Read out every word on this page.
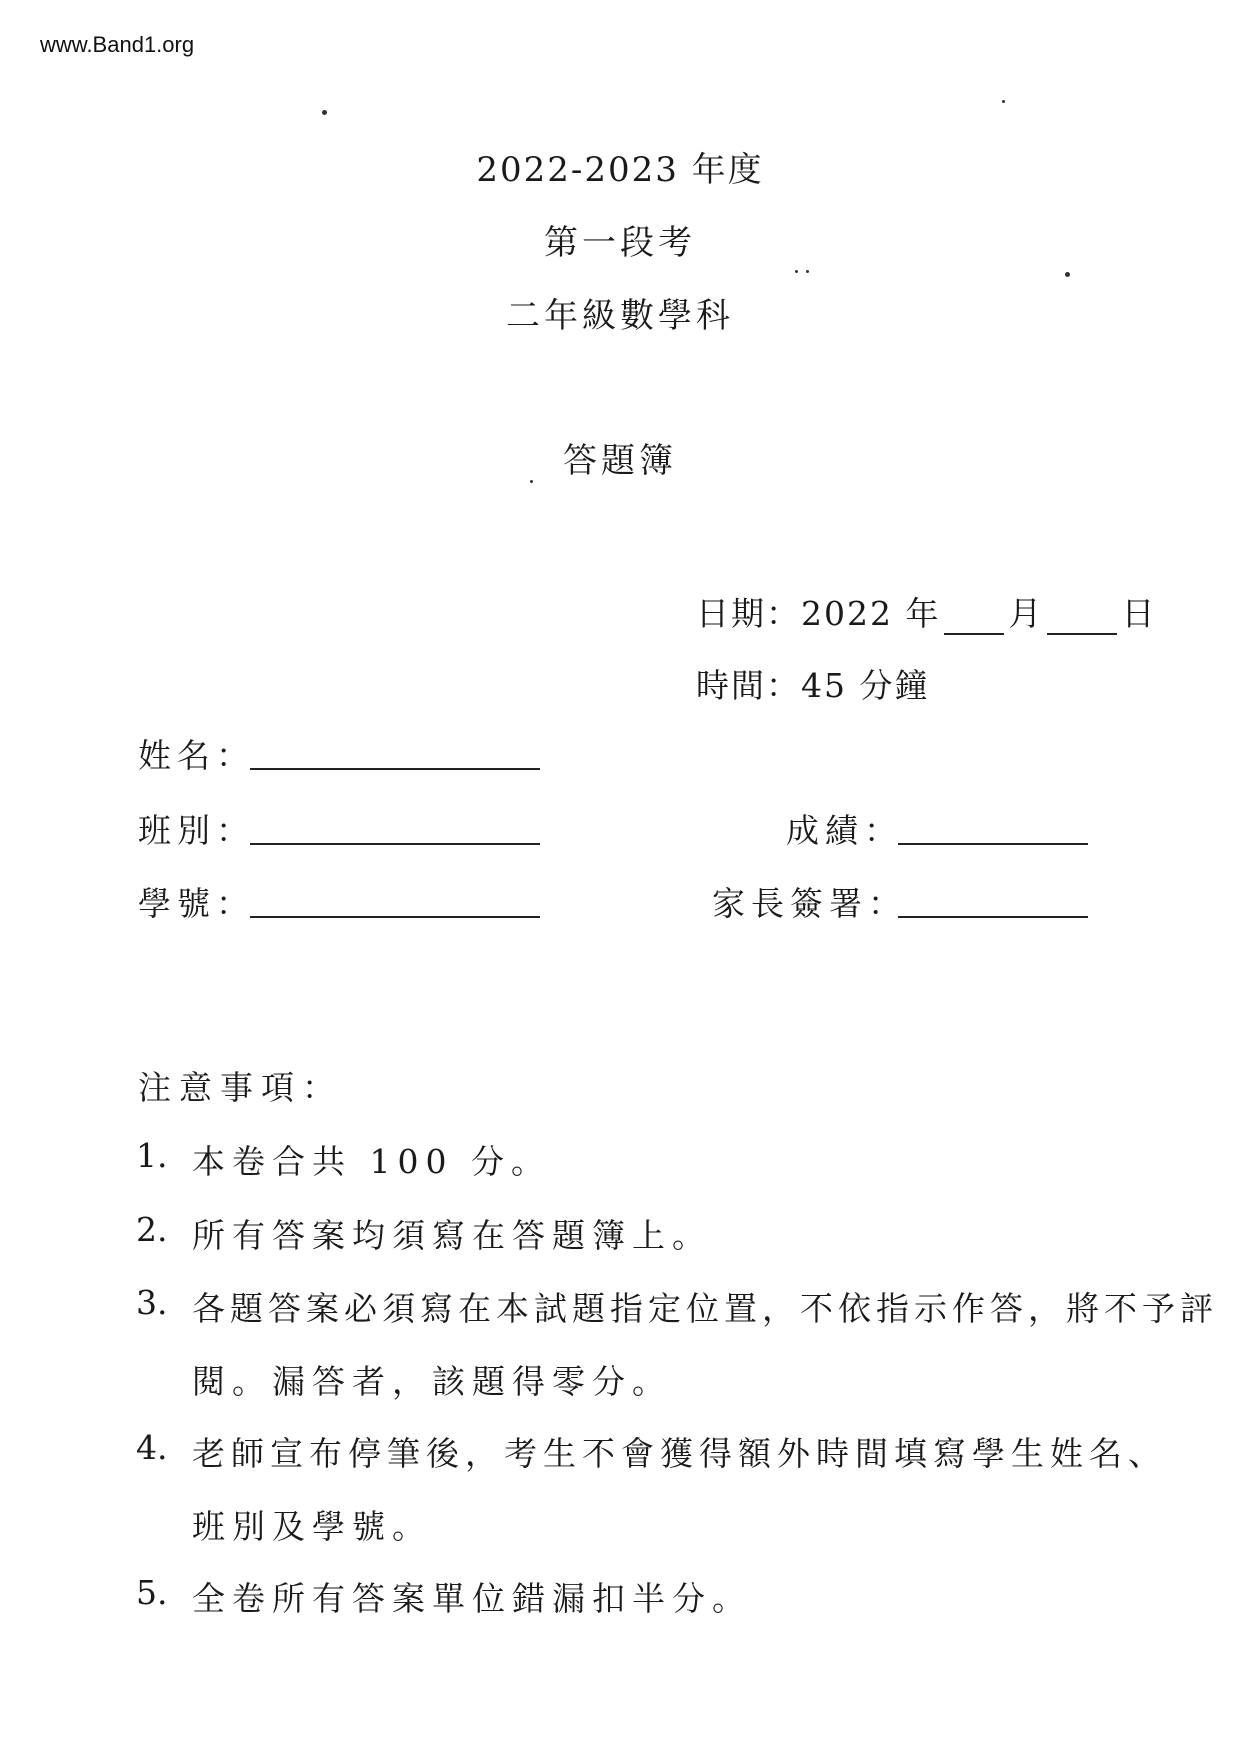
www.Band1.org
2022-2023 年度
第一段考
二年級數學科
答題簿
日期：2022 年 月 日
時間：45 分鐘
姓名：
班別：
學號：
成績：
家長簽署：
注意事項：
1. 本卷合共 100 分。
2. 所有答案均須寫在答題簿上。
3. 各題答案必須寫在本試題指定位置，不依指示作答，將不予評
閱。漏答者，該題得零分。
4. 老師宣布停筆後，考生不會獲得額外時間填寫學生姓名、
班別及學號。
5. 全卷所有答案單位錯漏扣半分。
